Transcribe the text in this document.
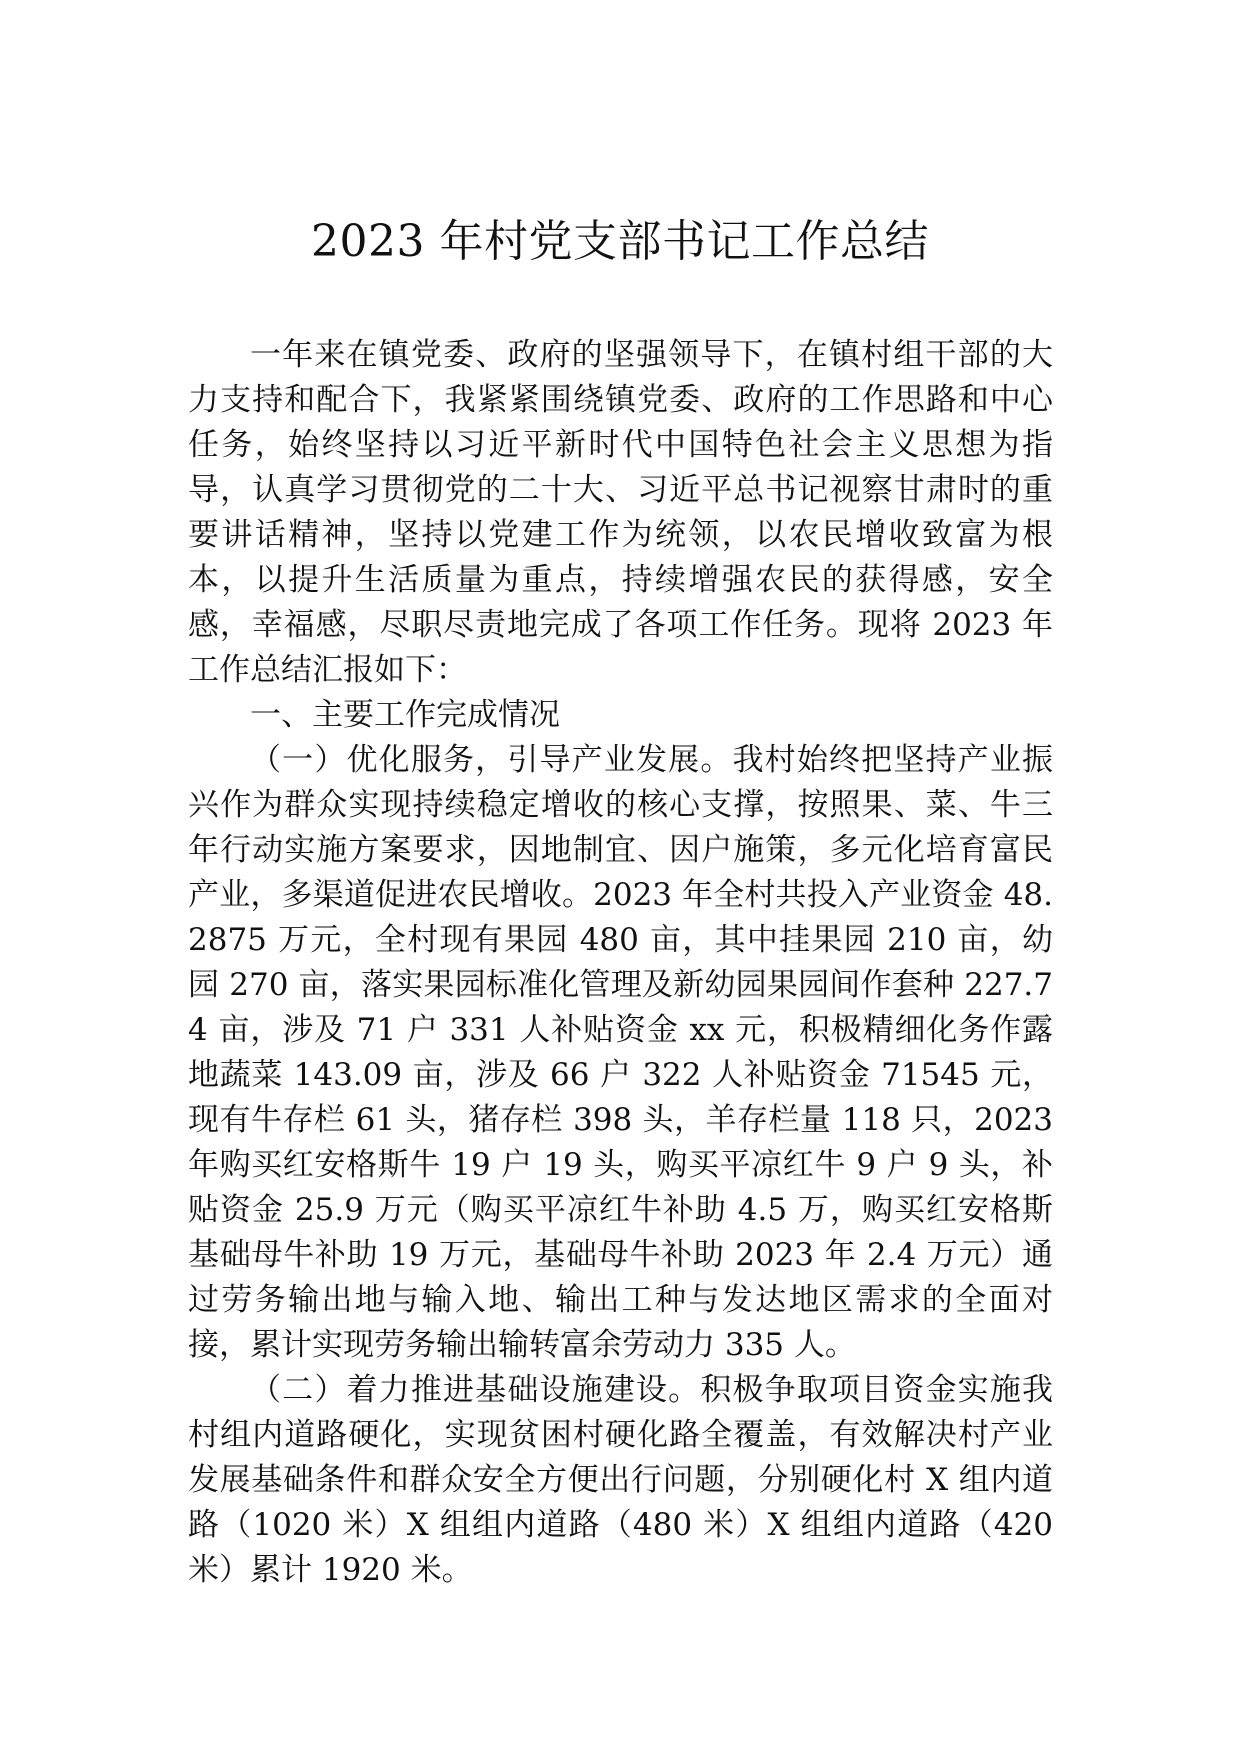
2023 年村党支部书记工作总结

一年来在镇党委、政府的坚强领导下，在镇村组干部的大力支持和配合下，我紧紧围绕镇党委、政府的工作思路和中心任务，始终坚持以习近平新时代中国特色社会主义思想为指导，认真学习贯彻党的二十大、习近平总书记视察甘肃时的重要讲话精神，坚持以党建工作为统领，以农民增收致富为根本，以提升生活质量为重点，持续增强农民的获得感，安全感，幸福感，尽职尽责地完成了各项工作任务。现将 2023 年工作总结汇报如下：

一、主要工作完成情况

（一）优化服务，引导产业发展。我村始终把坚持产业振兴作为群众实现持续稳定增收的核心支撑，按照果、菜、牛三年行动实施方案要求，因地制宜、因户施策，多元化培育富民产业，多渠道促进农民增收。2023 年全村共投入产业资金 48.2875 万元，全村现有果园 480 亩，其中挂果园 210 亩，幼园 270 亩，落实果园标准化管理及新幼园果园间作套种 227.74 亩，涉及 71 户 331 人补贴资金 xx 元，积极精细化务作露地蔬菜 143.09 亩，涉及 66 户 322 人补贴资金 71545 元，现有牛存栏 61 头，猪存栏 398 头，羊存栏量 118 只，2023 年购买红安格斯牛 19 户 19 头，购买平凉红牛 9 户 9 头，补贴资金 25.9 万元（购买平凉红牛补助 4.5 万，购买红安格斯基础母牛补助 19 万元，基础母牛补助 2023 年 2.4 万元）通过劳务输出地与输入地、输出工种与发达地区需求的全面对接，累计实现劳务输出输转富余劳动力 335 人。

（二）着力推进基础设施建设。积极争取项目资金实施我村组内道路硬化，实现贫困村硬化路全覆盖，有效解决村产业发展基础条件和群众安全方便出行问题，分别硬化村 X 组内道路（1020 米）X 组组内道路（480 米）X 组组内道路（420 米）累计 1920 米。
